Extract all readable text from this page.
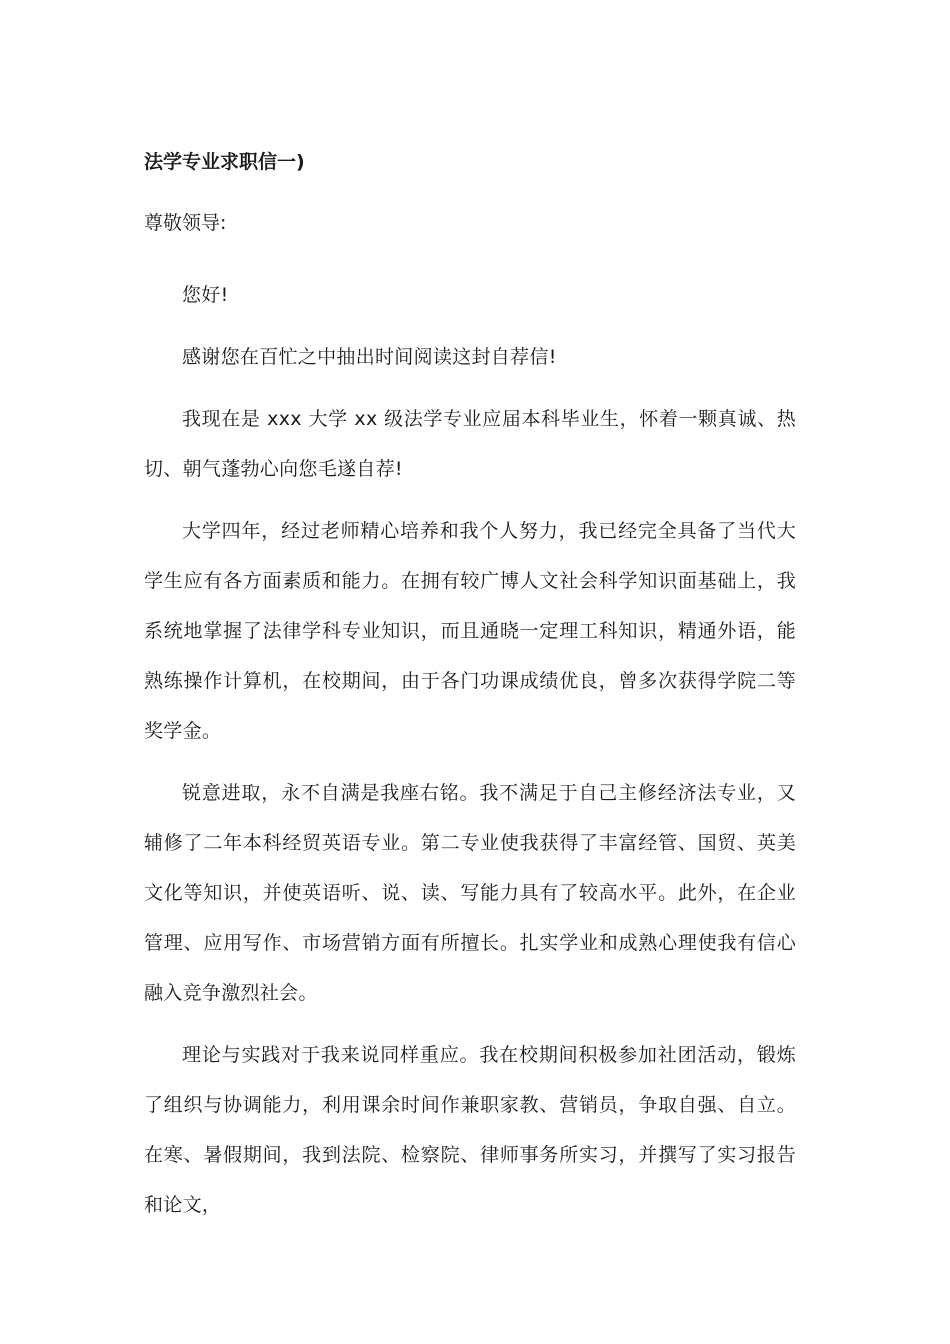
法学专业求职信一)
尊敬领导:

您好!

感谢您在百忙之中抽出时间阅读这封自荐信!

我现在是 xxx 大学 xx 级法学专业应届本科毕业生，怀着一颗真诚、热切、朝气蓬勃心向您毛遂自荐!

大学四年，经过老师精心培养和我个人努力，我已经完全具备了当代大学生应有各方面素质和能力。在拥有较广博人文社会科学知识面基础上，我系统地掌握了法律学科专业知识，而且通晓一定理工科知识，精通外语，能熟练操作计算机，在校期间，由于各门功课成绩优良，曾多次获得学院二等奖学金。

锐意进取，永不自满是我座右铭。我不满足于自己主修经济法专业，又辅修了二年本科经贸英语专业。第二专业使我获得了丰富经管、国贸、英美文化等知识，并使英语听、说、读、写能力具有了较高水平。此外，在企业管理、应用写作、市场营销方面有所擅长。扎实学业和成熟心理使我有信心融入竞争激烈社会。

理论与实践对于我来说同样重应。我在校期间积极参加社团活动，锻炼了组织与协调能力，利用课余时间作兼职家教、营销员，争取自强、自立。在寒、暑假期间，我到法院、检察院、律师事务所实习，并撰写了实习报告和论文，
